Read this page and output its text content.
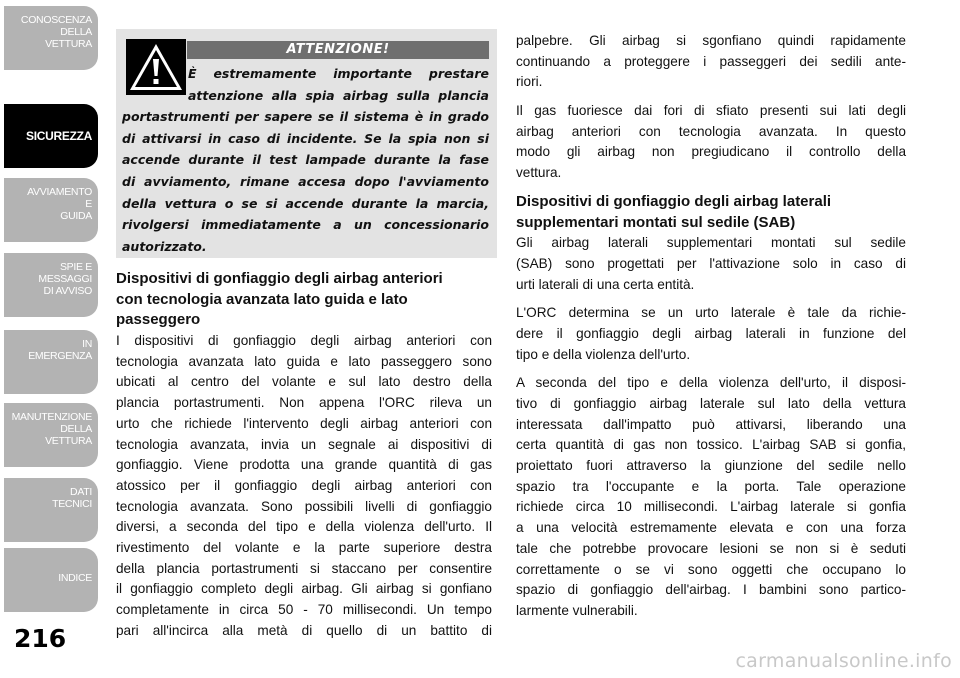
CONOSCENZA
DELLA
VETTURA
SICUREZZA
AVVIAMENTO
E
GUIDA
SPIE E
MESSAGGI
DI AVVISO
IN
EMERGENZA
MANUTENZIONE
DELLA
VETTURA
DATI
TECNICI
INDICE
216
ATTENZIONE!
È estremamente importante prestare
attenzione alla spia airbag sulla plancia
portastrumenti per sapere se il sistema è in grado
di attivarsi in caso di incidente. Se la spia non si
accende durante il test lampade durante la fase
di avviamento, rimane accesa dopo l'avviamento
della vettura o se si accende durante la marcia,
rivolgersi immediatamente a un concessionario
autorizzato.
Dispositivi di gonfiaggio degli airbag anteriori
con tecnologia avanzata lato guida e lato
passeggero
I dispositivi di gonfiaggio degli airbag anteriori con
tecnologia avanzata lato guida e lato passeggero sono
ubicati al centro del volante e sul lato destro della
plancia portastrumenti. Non appena l'ORC rileva un
urto che richiede l'intervento degli airbag anteriori con
tecnologia avanzata, invia un segnale ai dispositivi di
gonfiaggio. Viene prodotta una grande quantità di gas
atossico per il gonfiaggio degli airbag anteriori con
tecnologia avanzata. Sono possibili livelli di gonfiaggio
diversi, a seconda del tipo e della violenza dell'urto. Il
rivestimento del volante e la parte superiore destra
della plancia portastrumenti si staccano per consentire
il gonfiaggio completo degli airbag. Gli airbag si gonfiano
completamente in circa 50 - 70 millisecondi. Un tempo
pari all'incirca alla metà di quello di un battito di
palpebre. Gli airbag si sgonfiano quindi rapidamente
continuando a proteggere i passeggeri dei sedili ante-
riori.
Il gas fuoriesce dai fori di sfiato presenti sui lati degli
airbag anteriori con tecnologia avanzata. In questo
modo gli airbag non pregiudicano il controllo della
vettura.
Dispositivi di gonfiaggio degli airbag laterali
supplementari montati sul sedile (SAB)
Gli airbag laterali supplementari montati sul sedile
(SAB) sono progettati per l'attivazione solo in caso di
urti laterali di una certa entità.
L'ORC determina se un urto laterale è tale da richie-
dere il gonfiaggio degli airbag laterali in funzione del
tipo e della violenza dell'urto.
A seconda del tipo e della violenza dell'urto, il disposi-
tivo di gonfiaggio airbag laterale sul lato della vettura
interessata dall'impatto può attivarsi, liberando una
certa quantità di gas non tossico. L'airbag SAB si gonfia,
proiettato fuori attraverso la giunzione del sedile nello
spazio tra l'occupante e la porta. Tale operazione
richiede circa 10 millisecondi. L'airbag laterale si gonfia
a una velocità estremamente elevata e con una forza
tale che potrebbe provocare lesioni se non si è seduti
correttamente o se vi sono oggetti che occupano lo
spazio di gonfiaggio dell'airbag. I bambini sono partico-
larmente vulnerabili.
carmanualsonline.info
